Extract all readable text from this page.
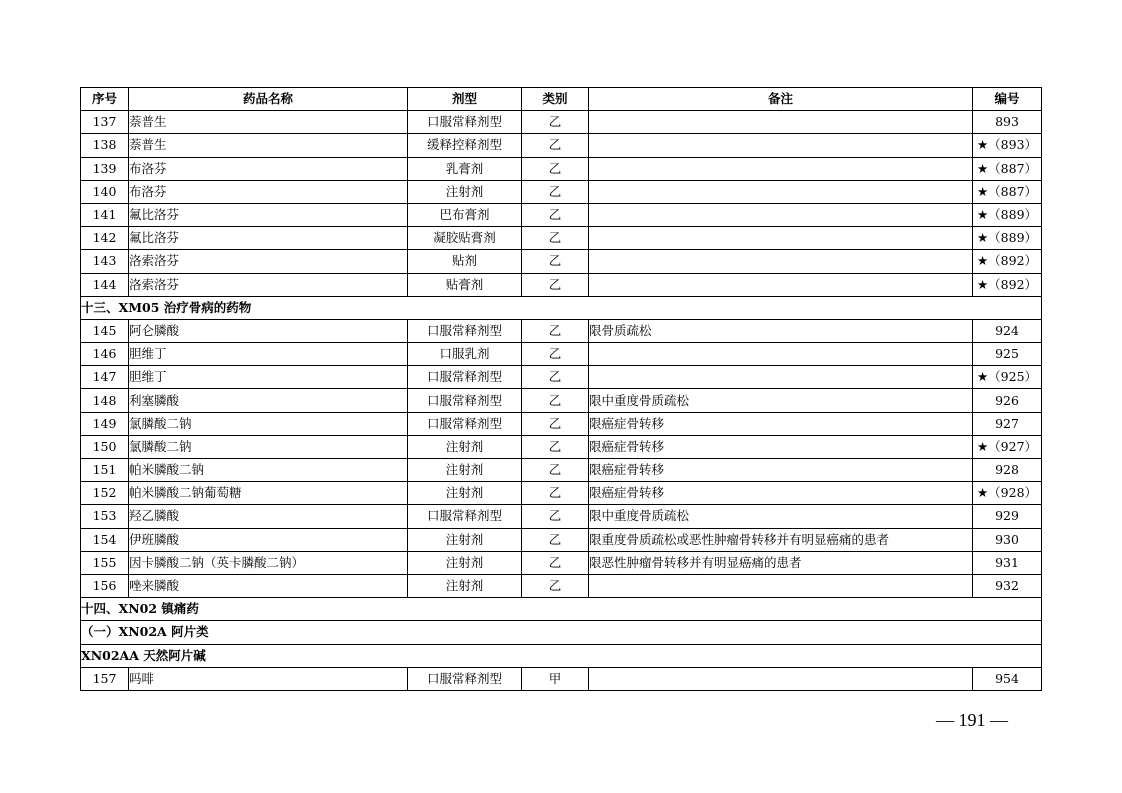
序号	药品名称	剂型	类别	备注	编号
137	萘普生	口服常释剂型	乙		893
138	萘普生	缓释控释剂型	乙		★（893）
139	布洛芬	乳膏剂	乙		★（887）
140	布洛芬	注射剂	乙		★（887）
141	氟比洛芬	巴布膏剂	乙		★（889）
142	氟比洛芬	凝胶贴膏剂	乙		★（889）
143	洛索洛芬	贴剂	乙		★（892）
144	洛索洛芬	贴膏剂	乙		★（892）
十三、XM05 治疗骨病的药物					
145	阿仑膦酸	口服常释剂型	乙	限骨质疏松	924
146	胆维丁	口服乳剂	乙		925
147	胆维丁	口服常释剂型	乙		★（925）
148	利塞膦酸	口服常释剂型	乙	限中重度骨质疏松	926
149	氯膦酸二钠	口服常释剂型	乙	限癌症骨转移	927
150	氯膦酸二钠	注射剂	乙	限癌症骨转移	★（927）
151	帕米膦酸二钠	注射剂	乙	限癌症骨转移	928
152	帕米膦酸二钠葡萄糖	注射剂	乙	限癌症骨转移	★（928）
153	羟乙膦酸	口服常释剂型	乙	限中重度骨质疏松	929
154	伊班膦酸	注射剂	乙	限重度骨质疏松或恶性肿瘤骨转移并有明显癌痛的患者	930
155	因卡膦酸二钠（英卡膦酸二钠）	注射剂	乙	限恶性肿瘤骨转移并有明显癌痛的患者	931
156	唑来膦酸	注射剂	乙		932
十四、XN02 镇痛药					
（一）XN02A 阿片类					
XN02AA 天然阿片碱					
157	吗啡	口服常释剂型	甲		954
— 191 —
